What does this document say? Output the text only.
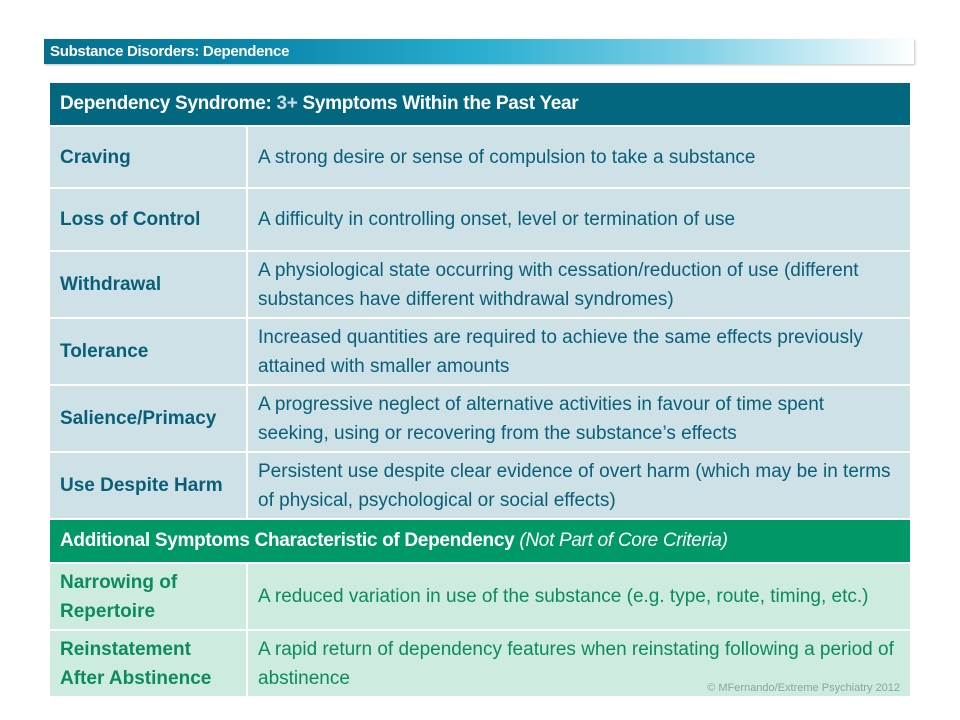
Substance Disorders: Dependence
Dependency Syndrome: 3+ Symptoms Within the Past Year	
Craving	A strong desire or sense of compulsion to take a substance
Loss of Control	A difficulty in controlling onset, level or termination of use
Withdrawal	A physiological state occurring with cessation/reduction of use (different substances have different withdrawal syndromes)
Tolerance	Increased quantities are required to achieve the same effects previously attained with smaller amounts
Salience/Primacy	A progressive neglect of alternative activities in favour of time spent seeking, using or recovering from the substance’s effects
Use Despite Harm	Persistent use despite clear evidence of overt harm (which may be in terms of physical, psychological or social effects)
Additional Symptoms Characteristic of Dependency (Not Part of Core Criteria)	
Narrowing of Repertoire	A reduced variation in use of the substance (e.g. type, route, timing, etc.)
Reinstatement After Abstinence	A rapid return of dependency features when reinstating following a period of abstinence	© MFernando/Extreme Psychiatry 2012
